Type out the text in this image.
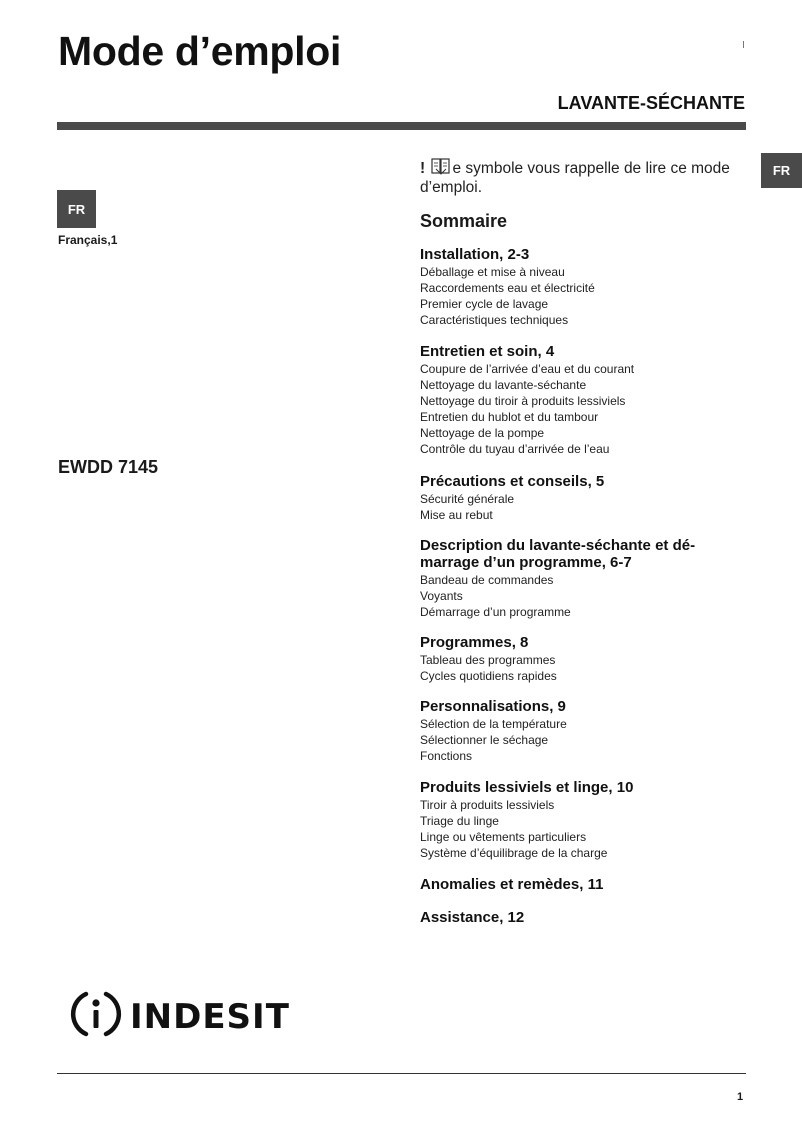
Mode d’emploi
LAVANTE-SÉCHANTE
FR
FR
Français,1
EWDD 7145
! e symbole vous rappelle de lire ce mode d’emploi.
Sommaire
Installation, 2-3
Déballage et mise à niveau
Raccordements eau et électricité
Premier cycle de lavage
Caractéristiques techniques
Entretien et soin, 4
Coupure de l’arrivée d’eau et du courant
Nettoyage du lavante-séchante
Nettoyage du tiroir à produits lessiviels
Entretien du hublot et du tambour
Nettoyage de la pompe
Contrôle du tuyau d’arrivée de l’eau
Précautions et conseils, 5
Sécurité générale
Mise au rebut
Description du lavante-séchante et dé-marrage d’un programme, 6-7
Bandeau de commandes
Voyants
Démarrage d’un programme
Programmes, 8
Tableau des programmes
Cycles quotidiens rapides
Personnalisations, 9
Sélection de la température
Sélectionner le séchage
Fonctions
Produits lessiviels et linge, 10
Tiroir à produits lessiviels
Triage du linge
Linge ou vêtements particuliers
Système d’équilibrage de la charge
Anomalies et remèdes, 11
Assistance, 12
INDESIT
1
